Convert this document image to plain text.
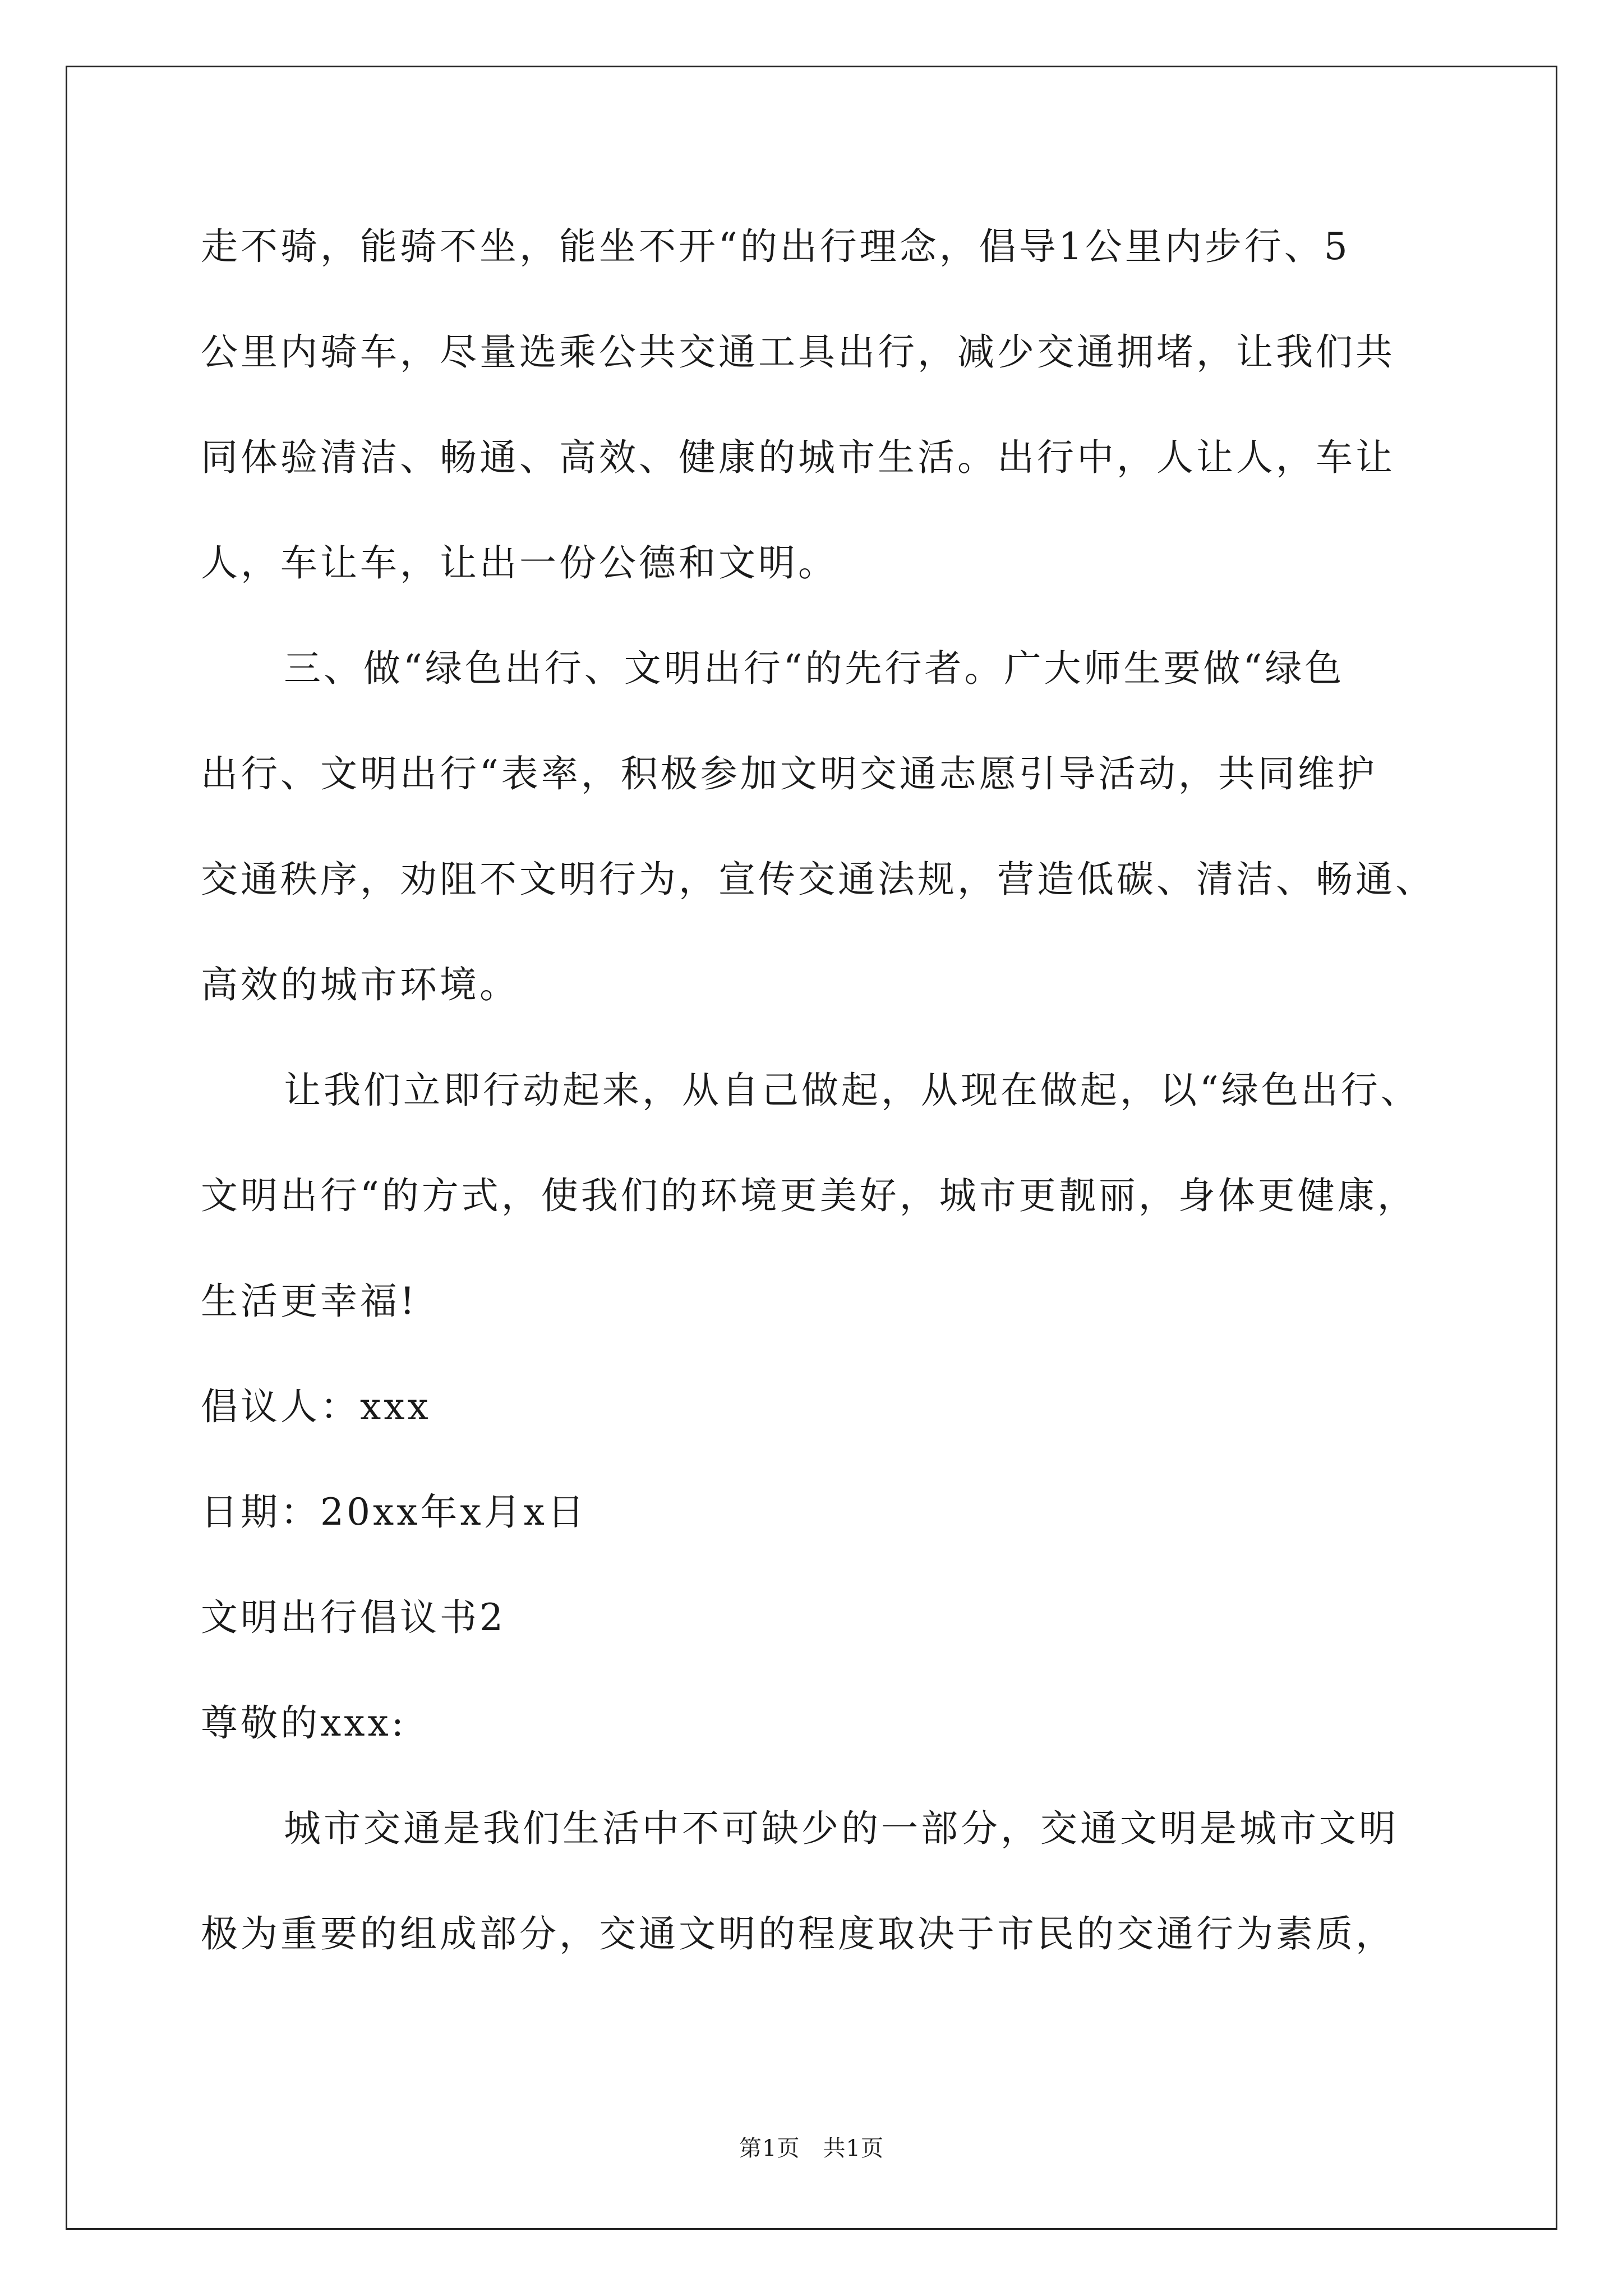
走不骑，能骑不坐，能坐不开“的出行理念，倡导1公里内步行、5
公里内骑车，尽量选乘公共交通工具出行，减少交通拥堵，让我们共
同体验清洁、畅通、高效、健康的城市生活。出行中，人让人，车让
人，车让车，让出一份公德和文明。
三、做“绿色出行、文明出行“的先行者。广大师生要做“绿色
出行、文明出行“表率，积极参加文明交通志愿引导活动，共同维护
交通秩序，劝阻不文明行为，宣传交通法规，营造低碳、清洁、畅通、
高效的城市环境。
让我们立即行动起来，从自己做起，从现在做起，以“绿色出行、
文明出行“的方式，使我们的环境更美好，城市更靓丽，身体更健康，
生活更幸福!
倡议人：xxx
日期：20xx年x月x日
文明出行倡议书2
尊敬的xxx:
城市交通是我们生活中不可缺少的一部分，交通文明是城市文明
极为重要的组成部分，交通文明的程度取决于市民的交通行为素质，
第1页　共1页
